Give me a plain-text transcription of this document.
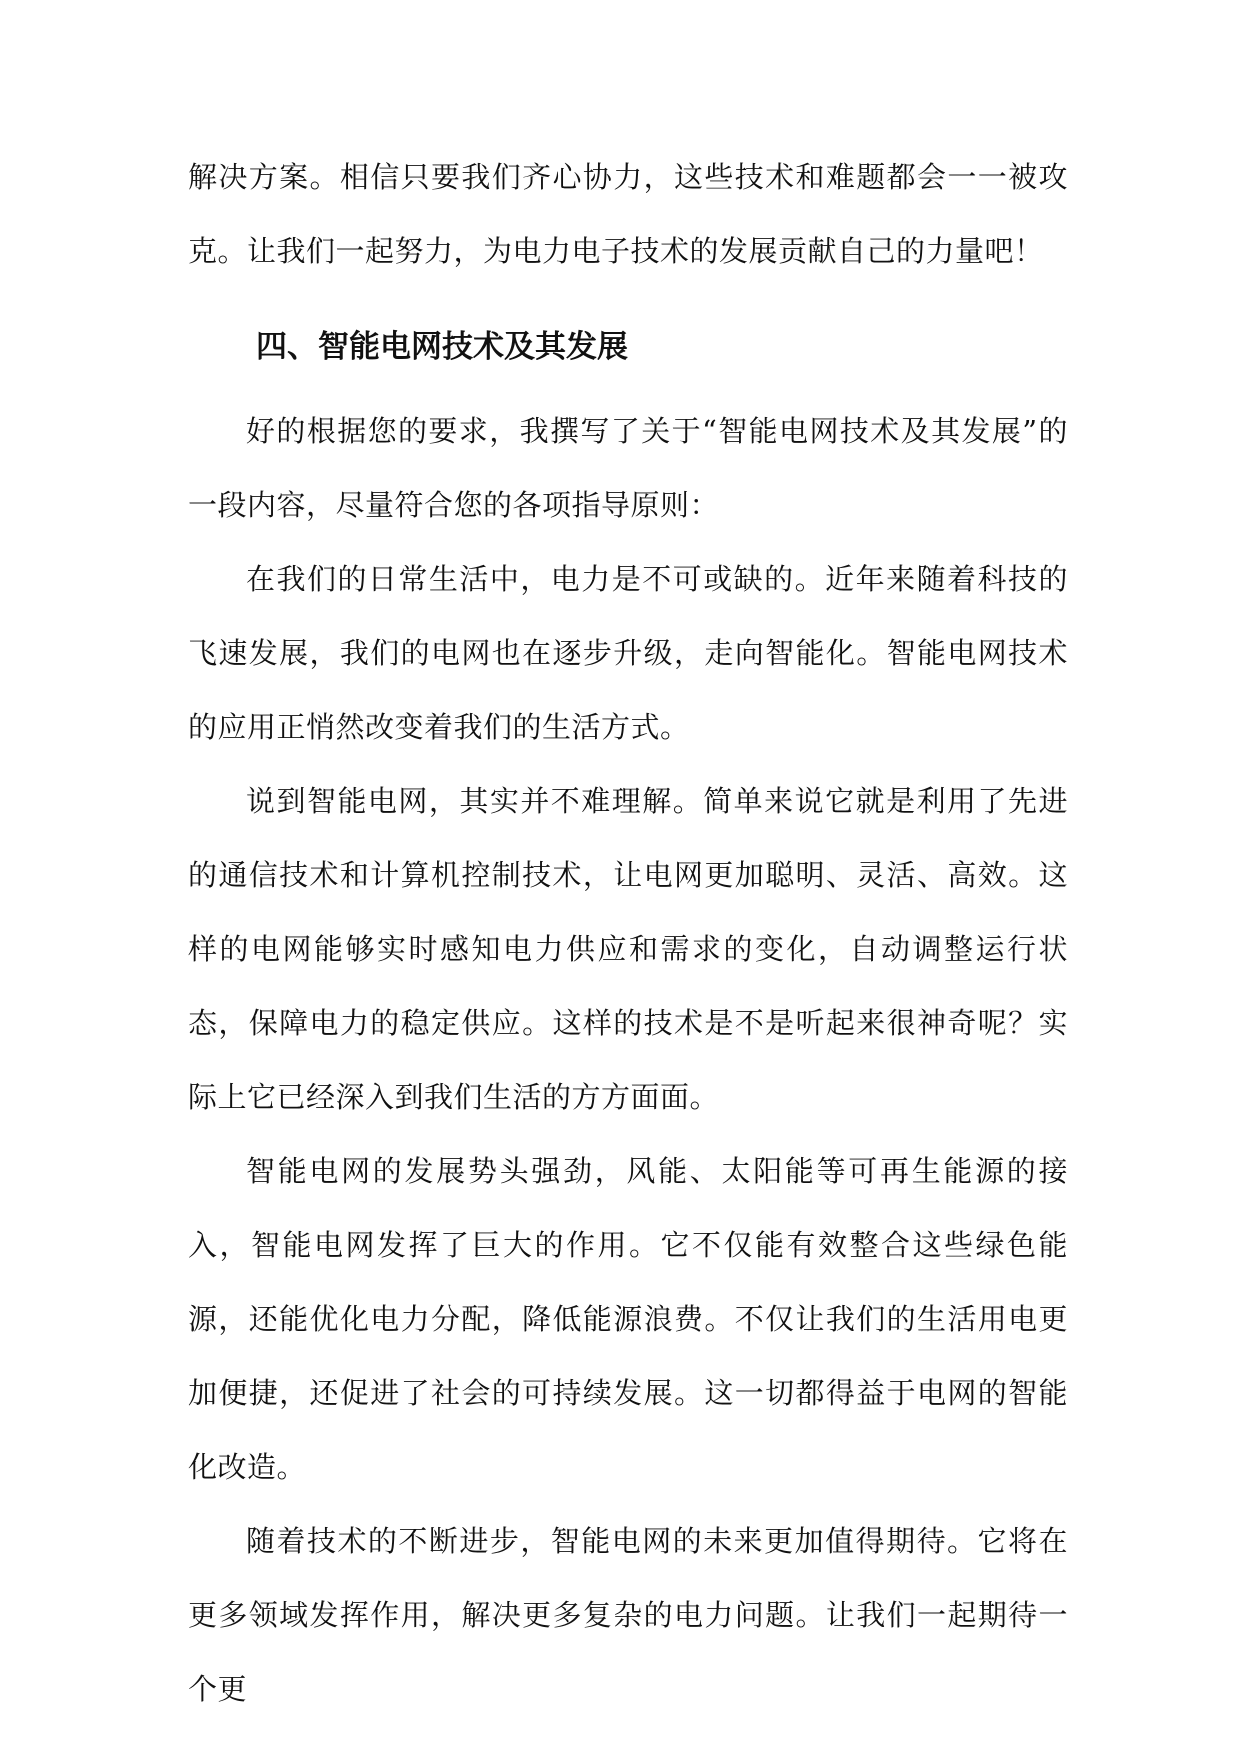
解决方案。相信只要我们齐心协力，这些技术和难题都会一一被攻克。让我们一起努力，为电力电子技术的发展贡献自己的力量吧！

四、智能电网技术及其发展

好的根据您的要求，我撰写了关于“智能电网技术及其发展”的一段内容，尽量符合您的各项指导原则：

在我们的日常生活中，电力是不可或缺的。近年来随着科技的飞速发展，我们的电网也在逐步升级，走向智能化。智能电网技术的应用正悄然改变着我们的生活方式。

说到智能电网，其实并不难理解。简单来说它就是利用了先进的通信技术和计算机控制技术，让电网更加聪明、灵活、高效。这样的电网能够实时感知电力供应和需求的变化，自动调整运行状态，保障电力的稳定供应。这样的技术是不是听起来很神奇呢？实际上它已经深入到我们生活的方方面面。

智能电网的发展势头强劲，风能、太阳能等可再生能源的接入，智能电网发挥了巨大的作用。它不仅能有效整合这些绿色能源，还能优化电力分配，降低能源浪费。不仅让我们的生活用电更加便捷，还促进了社会的可持续发展。这一切都得益于电网的智能化改造。

随着技术的不断进步，智能电网的未来更加值得期待。它将在更多领域发挥作用，解决更多复杂的电力问题。让我们一起期待一个更
